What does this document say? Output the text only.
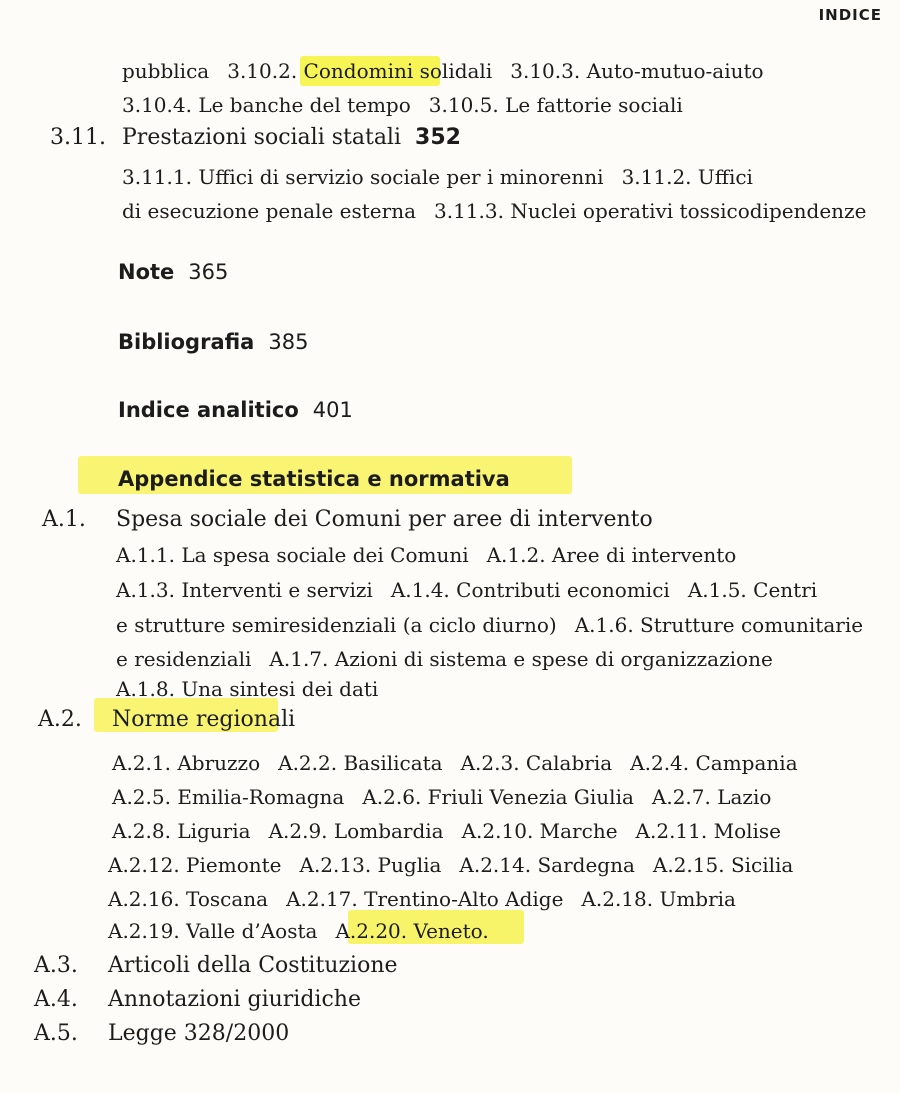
INDICE
pubblica 3.10.2. Condomini solidali 3.10.3. Auto-mutuo-aiuto
3.10.4. Le banche del tempo 3.10.5. Le fattorie sociali
3.11. Prestazioni sociali statali 352
3.11.1. Uffici di servizio sociale per i minorenni 3.11.2. Uffici
di esecuzione penale esterna 3.11.3. Nuclei operativi tossicodipendenze
Note 365
Bibliografia 385
Indice analitico 401
Appendice statistica e normativa
A.1. Spesa sociale dei Comuni per aree di intervento
A.1.1. La spesa sociale dei Comuni A.1.2. Aree di intervento
A.1.3. Interventi e servizi A.1.4. Contributi economici A.1.5. Centri
e strutture semiresidenziali (a ciclo diurno) A.1.6. Strutture comunitarie
e residenziali A.1.7. Azioni di sistema e spese di organizzazione
A.1.8. Una sintesi dei dati
A.2. Norme regionali
A.2.1. Abruzzo A.2.2. Basilicata A.2.3. Calabria A.2.4. Campania
A.2.5. Emilia-Romagna A.2.6. Friuli Venezia Giulia A.2.7. Lazio
A.2.8. Liguria A.2.9. Lombardia A.2.10. Marche A.2.11. Molise
A.2.12. Piemonte A.2.13. Puglia A.2.14. Sardegna A.2.15. Sicilia
A.2.16. Toscana A.2.17. Trentino-Alto Adige A.2.18. Umbria
A.2.19. Valle d’Aosta A.2.20. Veneto.
A.3. Articoli della Costituzione
A.4. Annotazioni giuridiche
A.5. Legge 328/2000
